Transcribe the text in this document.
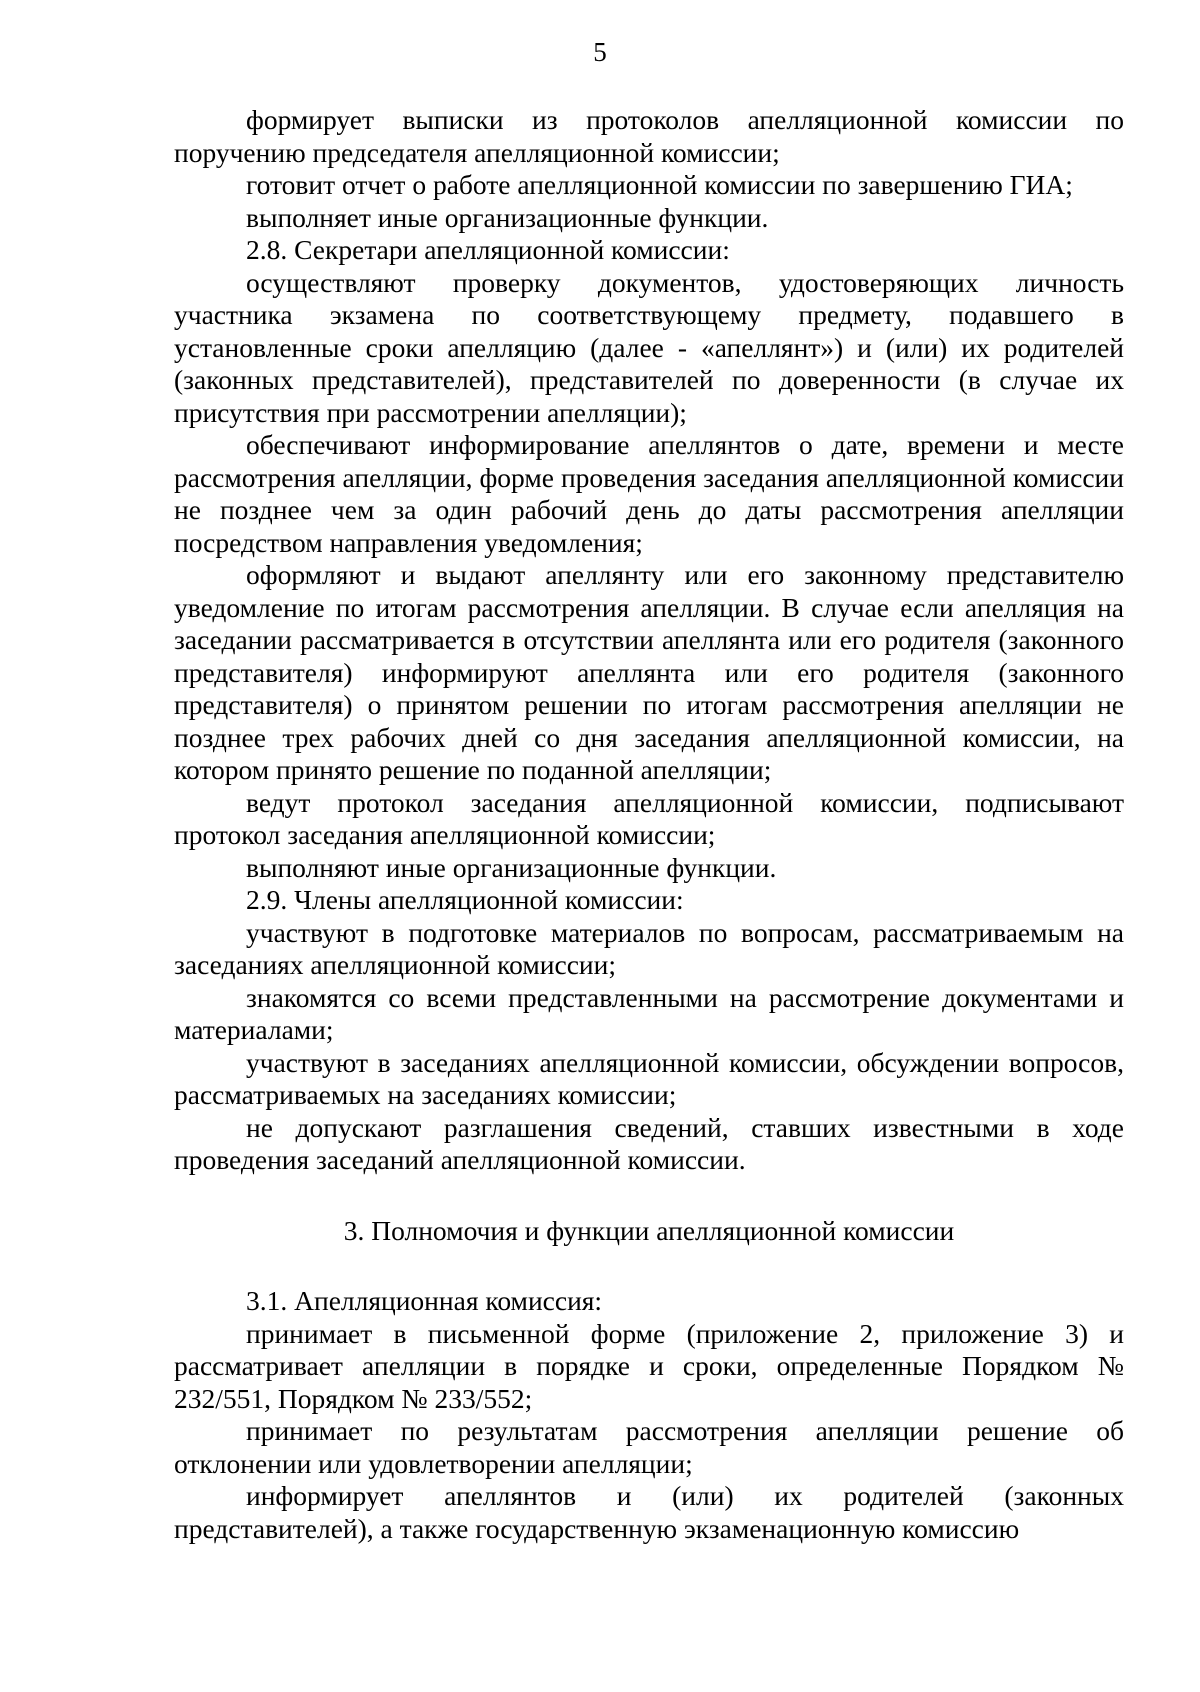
5

формирует выписки из протоколов апелляционной комиссии по поручению председателя апелляционной комиссии;

готовит отчет о работе апелляционной комиссии по завершению ГИА;

выполняет иные организационные функции.

2.8. Секретари апелляционной комиссии:

осуществляют проверку документов, удостоверяющих личность участника экзамена по соответствующему предмету, подавшего в установленные сроки апелляцию (далее - «апеллянт») и (или) их родителей (законных представителей), представителей по доверенности (в случае их присутствия при рассмотрении апелляции);

обеспечивают информирование апеллянтов о дате, времени и месте рассмотрения апелляции, форме проведения заседания апелляционной комиссии не позднее чем за один рабочий день до даты рассмотрения апелляции посредством направления уведомления;

оформляют и выдают апеллянту или его законному представителю уведомление по итогам рассмотрения апелляции. В случае если апелляция на заседании рассматривается в отсутствии апеллянта или его родителя (законного представителя) информируют апеллянта или его родителя (законного представителя) о принятом решении по итогам рассмотрения апелляции не позднее трех рабочих дней со дня заседания апелляционной комиссии, на котором принято решение по поданной апелляции;

ведут протокол заседания апелляционной комиссии, подписывают протокол заседания апелляционной комиссии;

выполняют иные организационные функции.

2.9. Члены апелляционной комиссии:

участвуют в подготовке материалов по вопросам, рассматриваемым на заседаниях апелляционной комиссии;

знакомятся со всеми представленными на рассмотрение документами и материалами;

участвуют в заседаниях апелляционной комиссии, обсуждении вопросов, рассматриваемых на заседаниях комиссии;

не допускают разглашения сведений, ставших известными в ходе проведения заседаний апелляционной комиссии.

3. Полномочия и функции апелляционной комиссии

3.1. Апелляционная комиссия:

принимает в письменной форме (приложение 2, приложение 3) и рассматривает апелляции в порядке и сроки, определенные Порядком № 232/551, Порядком № 233/552;

принимает по результатам рассмотрения апелляции решение об отклонении или удовлетворении апелляции;

информирует апеллянтов и (или) их родителей (законных представителей), а также государственную экзаменационную комиссию
